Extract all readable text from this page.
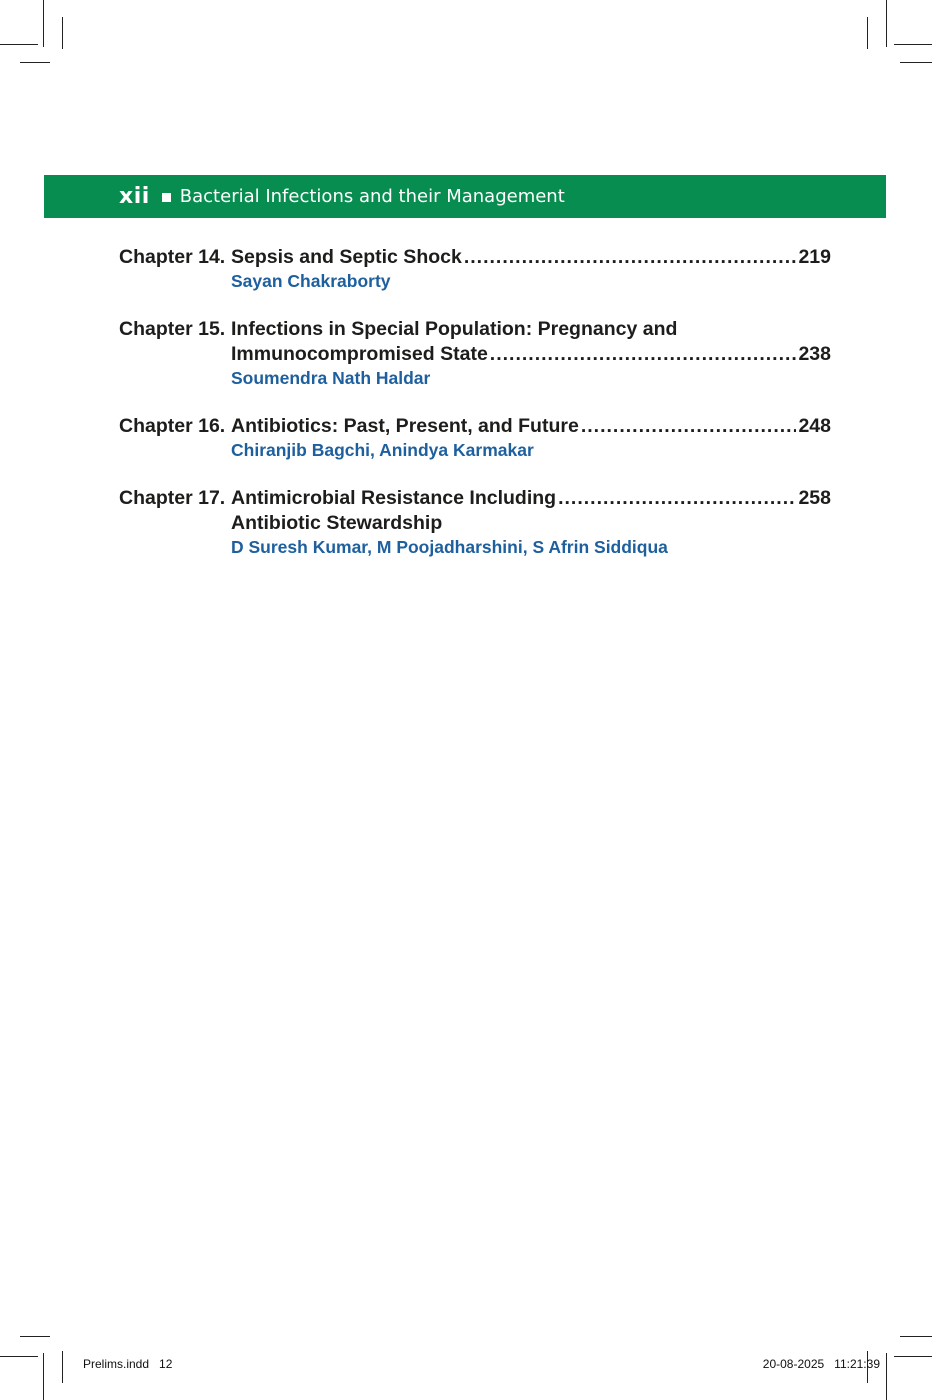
xii Bacterial Infections and their Management
Chapter 14. Sepsis and Septic Shock .....	219
Sayan Chakraborty
Chapter 15. Infections in Special Population: Pregnancy and
Immunocompromised State .....	238
Soumendra Nath Haldar
Chapter 16. Antibiotics: Past, Present, and Future .....	248
Chiranjib Bagchi, Anindya Karmakar
Chapter 17. Antimicrobial Resistance Including .....	258
Antibiotic Stewardship
D Suresh Kumar, M Poojadharshini, S Afrin Siddiqua
Prelims.indd   12	20-08-2025   11:21:39
